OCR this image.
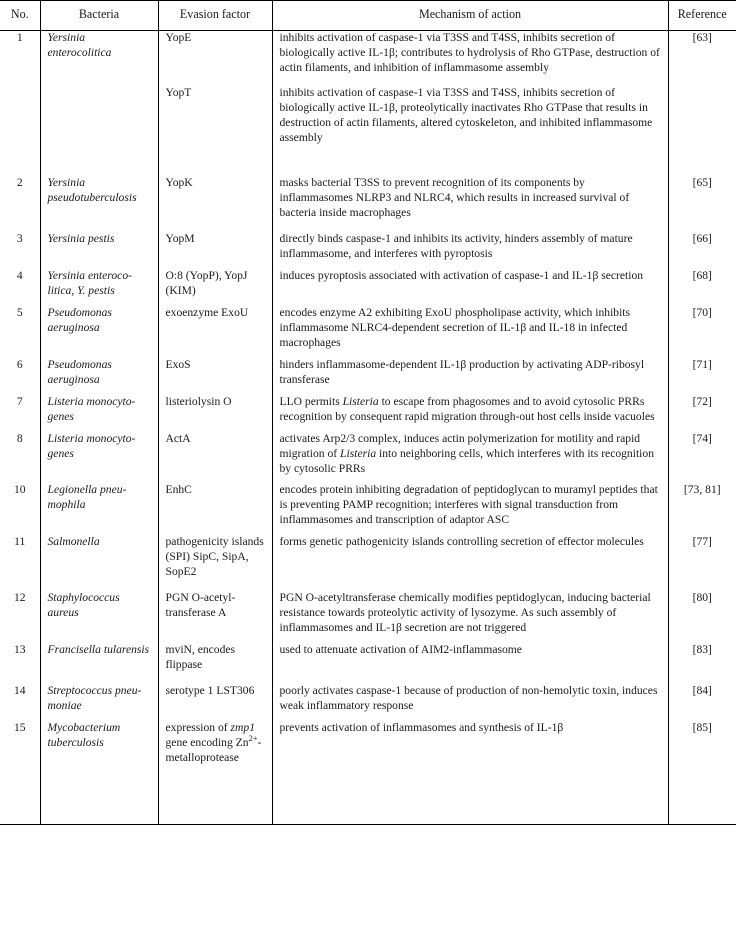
No.	Bacteria	Evasion factor	Mechanism of action	Reference
1	Yersinia
enterocolitica	YopE	inhibits activation of caspase-1 via T3SS and T4SS, inhibits secretion of biologically active IL-1β; contributes to hydrolysis of Rho GTPase, destruction of actin filaments, and inhibition of inflammasome assembly	[63]

		YopT	inhibits activation of caspase-1 via T3SS and T4SS, inhibits secretion of biologically active IL-1β, proteolytically inactivates Rho GTPase that results in destruction of actin filaments, altered cytoskeleton, and inhibited inflammasome assembly	

2	Yersinia
pseudotuberculosis	YopK	masks bacterial T3SS to prevent recognition of its components by inflammasomes NLRP3 and NLRC4, which results in increased survival of bacteria inside macrophages	[65]

3	Yersinia pestis	YopM	directly binds caspase-1 and inhibits its activity, hinders assembly of mature inflammasome, and interferes with pyroptosis	[66]

4	Yersinia enteroco-
litica, Y. pestis	O:8 (YopP), YopJ (KIM)	induces pyroptosis associated with activation of caspase-1 and IL-1β secretion	[68]

5	Pseudomonas
aeruginosa	exoenzyme ExoU	encodes enzyme A2 exhibiting ExoU phospholipase activity, which inhibits inflammasome NLRC4-dependent secretion of IL-1β and IL-18 in infected macrophages	[70]

6	Pseudomonas
aeruginosa	ExoS	hinders inflammasome-dependent IL-1β production by activating ADP-ribosyl transferase	[71]

7	Listeria monocyto-
genes	listeriolysin O	LLO permits Listeria to escape from phagosomes and to avoid cytosolic PRRs recognition by consequent rapid migration through-out host cells inside vacuoles	[72]

8	Listeria monocyto-
genes	ActA	activates Arp2/3 complex, induces actin polymerization for motility and rapid migration of Listeria into neighboring cells, which interferes with its recognition by cytosolic PRRs	[74]

10	Legionella pneu-
mophila	EnhC	encodes protein inhibiting degradation of peptidoglycan to muramyl peptides that is preventing PAMP recognition; interferes with signal transduction from inflammasomes and transcription of adaptor ASC	[73, 81]

11	Salmonella	pathogenicity islands (SPI) SipC, SipA, SopE2	forms genetic pathogenicity islands controlling secretion of effector molecules	[77]

12	Staphylococcus
aureus	PGN O-acetyl-transferase A	PGN O-acetyltransferase chemically modifies peptidoglycan, inducing bacterial resistance towards proteolytic activity of lysozyme. As such assembly of inflammasomes and IL-1β secretion are not triggered	[80]

13	Francisella tularensis	mviN, encodes flippase	used to attenuate activation of AIM2-inflammasome	[83]

14	Streptococcus pneu-
moniae	serotype 1 LST306	poorly activates caspase-1 because of production of non-hemolytic toxin, induces weak inflammatory response	[84]

15	Mycobacterium
tuberculosis	expression of zmp1 gene encoding $Zn^{2+}$-metalloprotease	prevents activation of inflammasomes and synthesis of IL-1β	[85]
